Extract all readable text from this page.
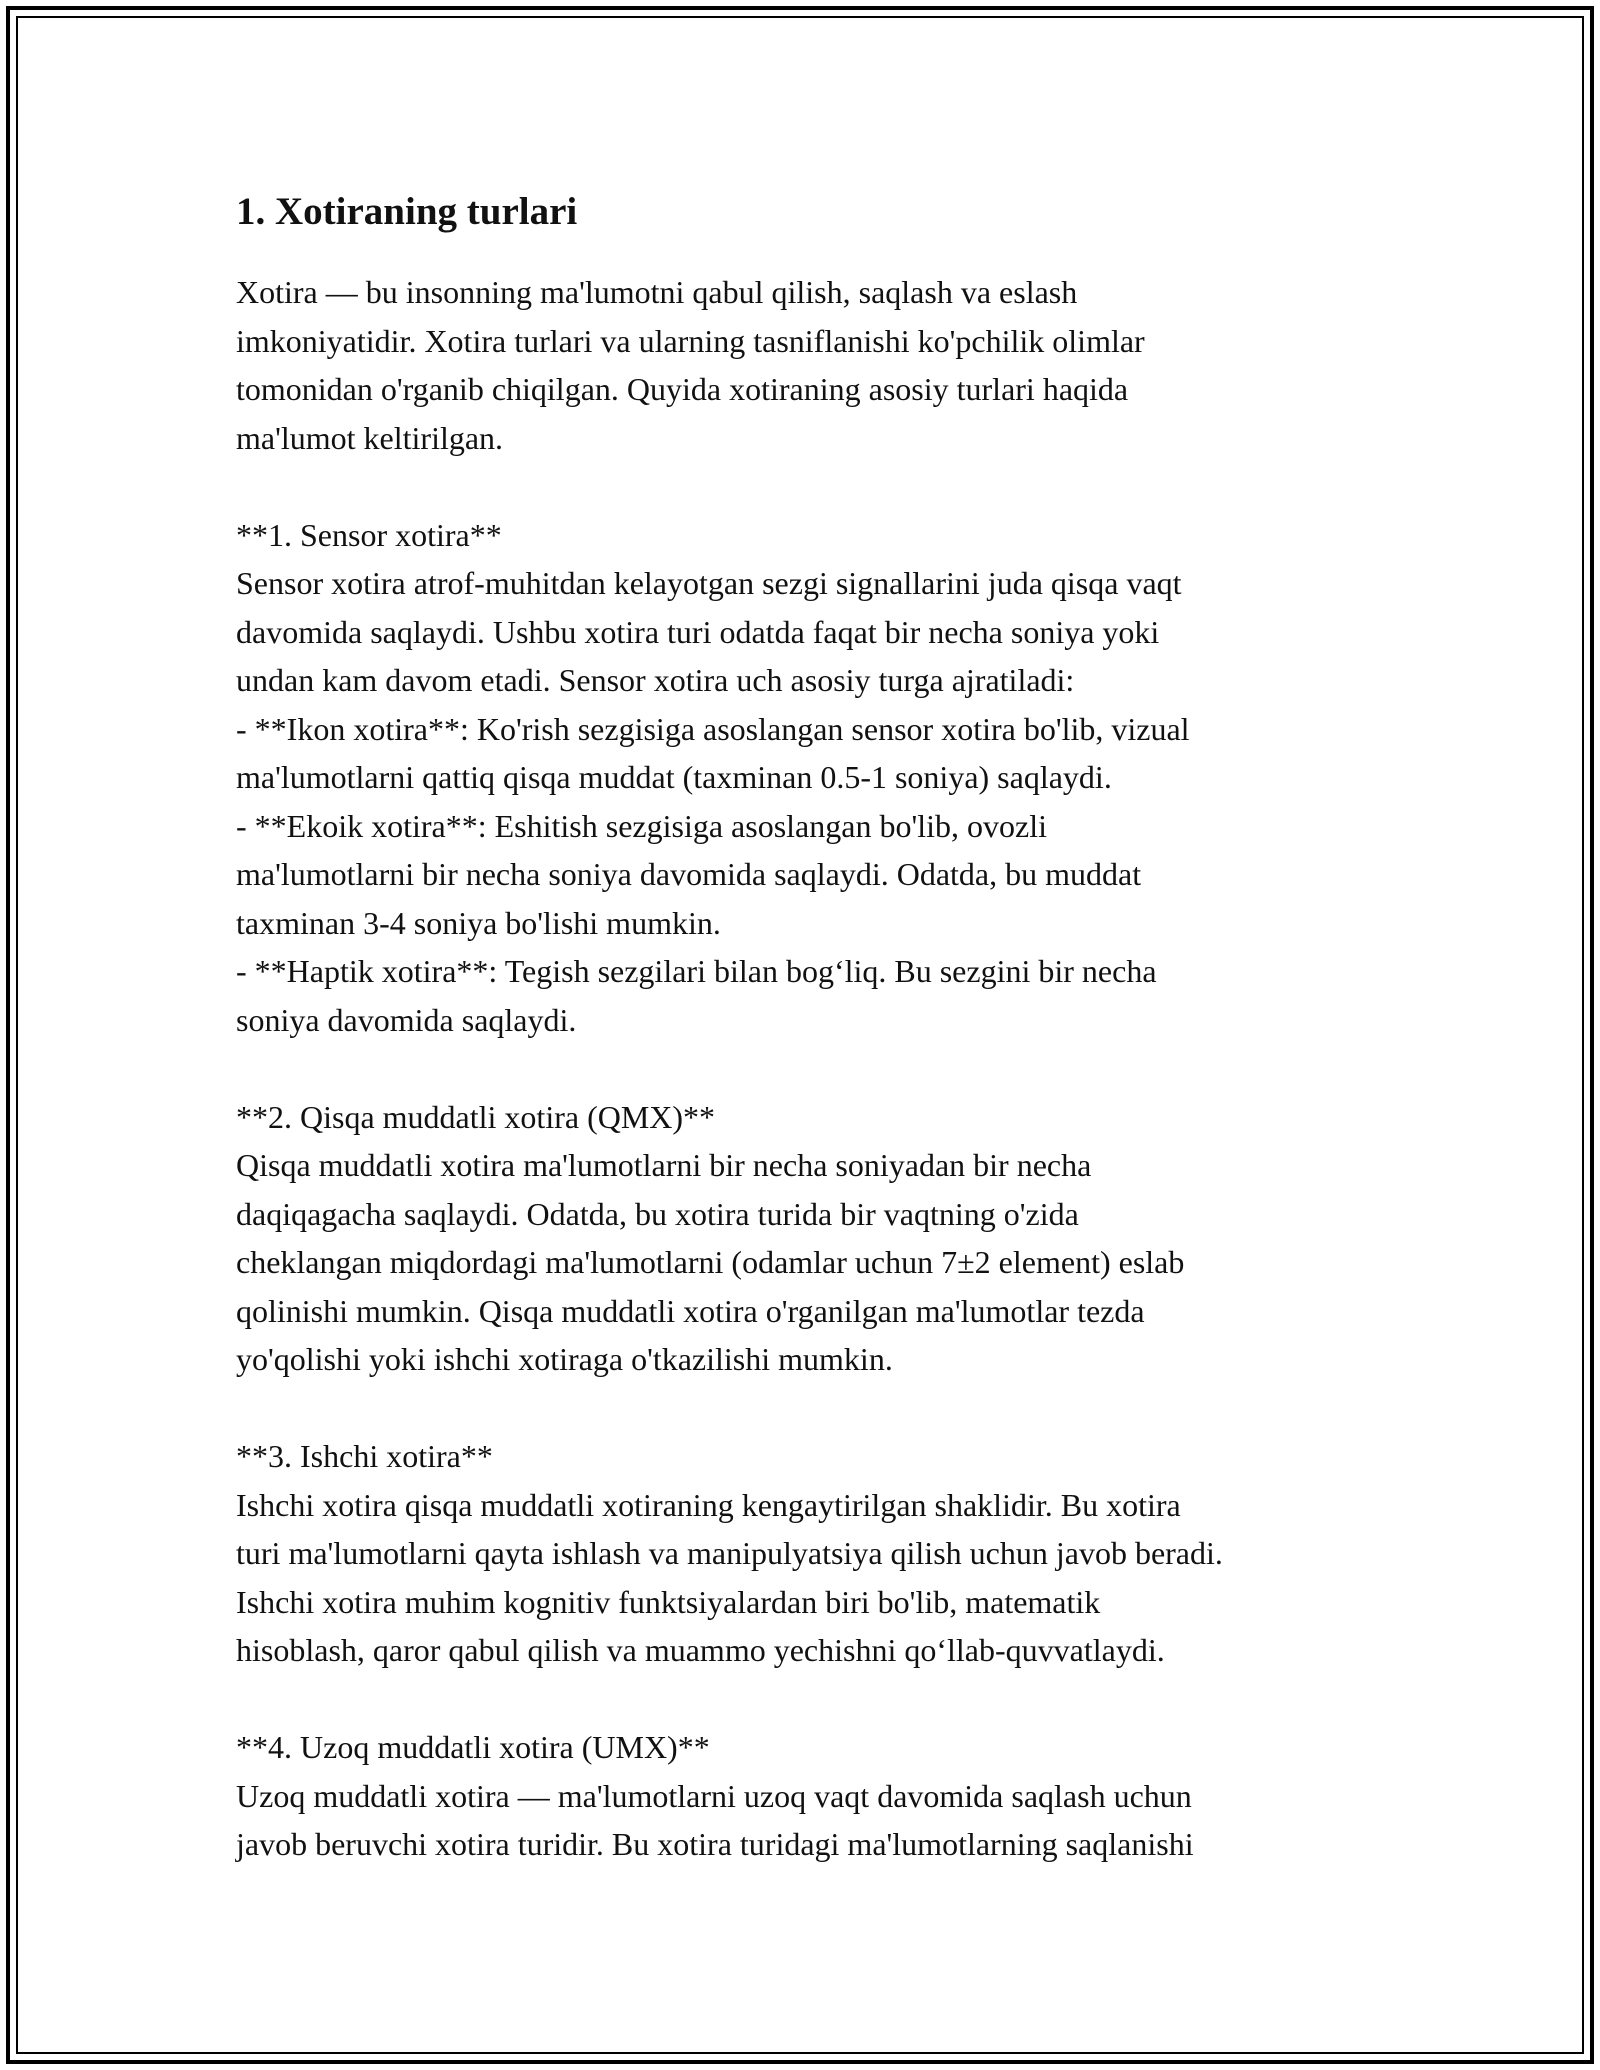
1. Xotiraning turlari
Xotira — bu insonning ma'lumotni qabul qilish, saqlash va eslash
imkoniyatidir. Xotira turlari va ularning tasniflanishi ko'pchilik olimlar
tomonidan o'rganib chiqilgan. Quyida xotiraning asosiy turlari haqida
ma'lumot keltirilgan.
**1. Sensor xotira**
Sensor xotira atrof-muhitdan kelayotgan sezgi signallarini juda qisqa vaqt
davomida saqlaydi. Ushbu xotira turi odatda faqat bir necha soniya yoki
undan kam davom etadi. Sensor xotira uch asosiy turga ajratiladi:
- **Ikon xotira**: Ko'rish sezgisiga asoslangan sensor xotira bo'lib, vizual
ma'lumotlarni qattiq qisqa muddat (taxminan 0.5-1 soniya) saqlaydi.
- **Ekoik xotira**: Eshitish sezgisiga asoslangan bo'lib, ovozli
ma'lumotlarni bir necha soniya davomida saqlaydi. Odatda, bu muddat
taxminan 3-4 soniya bo'lishi mumkin.
- **Haptik xotira**: Tegish sezgilari bilan bog‘liq. Bu sezgini bir necha
soniya davomida saqlaydi.
**2. Qisqa muddatli xotira (QMX)**
Qisqa muddatli xotira ma'lumotlarni bir necha soniyadan bir necha
daqiqagacha saqlaydi. Odatda, bu xotira turida bir vaqtning o'zida
cheklangan miqdordagi ma'lumotlarni (odamlar uchun 7±2 element) eslab
qolinishi mumkin. Qisqa muddatli xotira o'rganilgan ma'lumotlar tezda
yo'qolishi yoki ishchi xotiraga o'tkazilishi mumkin.
**3. Ishchi xotira**
Ishchi xotira qisqa muddatli xotiraning kengaytirilgan shaklidir. Bu xotira
turi ma'lumotlarni qayta ishlash va manipulyatsiya qilish uchun javob beradi.
Ishchi xotira muhim kognitiv funktsiyalardan biri bo'lib, matematik
hisoblash, qaror qabul qilish va muammo yechishni qo‘llab-quvvatlaydi.
**4. Uzoq muddatli xotira (UMX)**
Uzoq muddatli xotira — ma'lumotlarni uzoq vaqt davomida saqlash uchun
javob beruvchi xotira turidir. Bu xotira turidagi ma'lumotlarning saqlanishi
